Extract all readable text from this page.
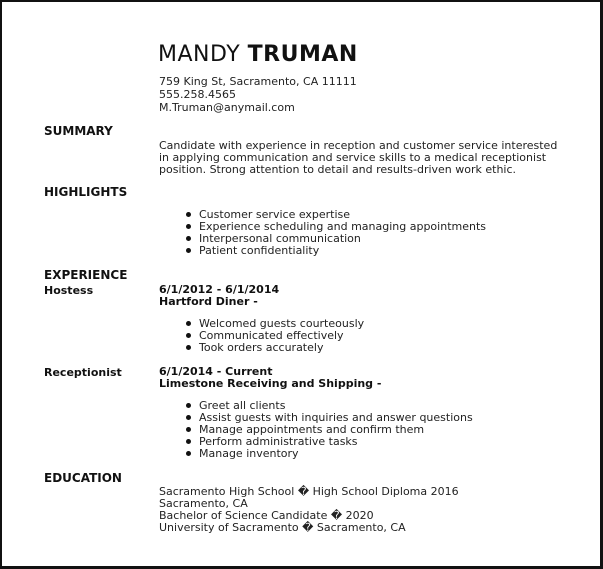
MANDY TRUMAN
759 King St, Sacramento, CA 11111
555.258.4565
M.Truman@anymail.com
SUMMARY
Candidate with experience in reception and customer service interested in applying communication and service skills to a medical receptionist position. Strong attention to detail and results-driven work ethic.
HIGHLIGHTS
Customer service expertise
Experience scheduling and managing appointments
Interpersonal communication
Patient confidentiality
EXPERIENCE
Hostess	6/1/2012 - 6/1/2014
Hartford Diner -
Welcomed guests courteously
Communicated effectively
Took orders accurately
Receptionist	6/1/2014 - Current
Limestone Receiving and Shipping -
Greet all clients
Assist guests with inquiries and answer questions
Manage appointments and confirm them
Perform administrative tasks
Manage inventory
EDUCATION
Sacramento High School � High School Diploma 2016
Sacramento, CA
Bachelor of Science Candidate � 2020
University of Sacramento � Sacramento, CA
